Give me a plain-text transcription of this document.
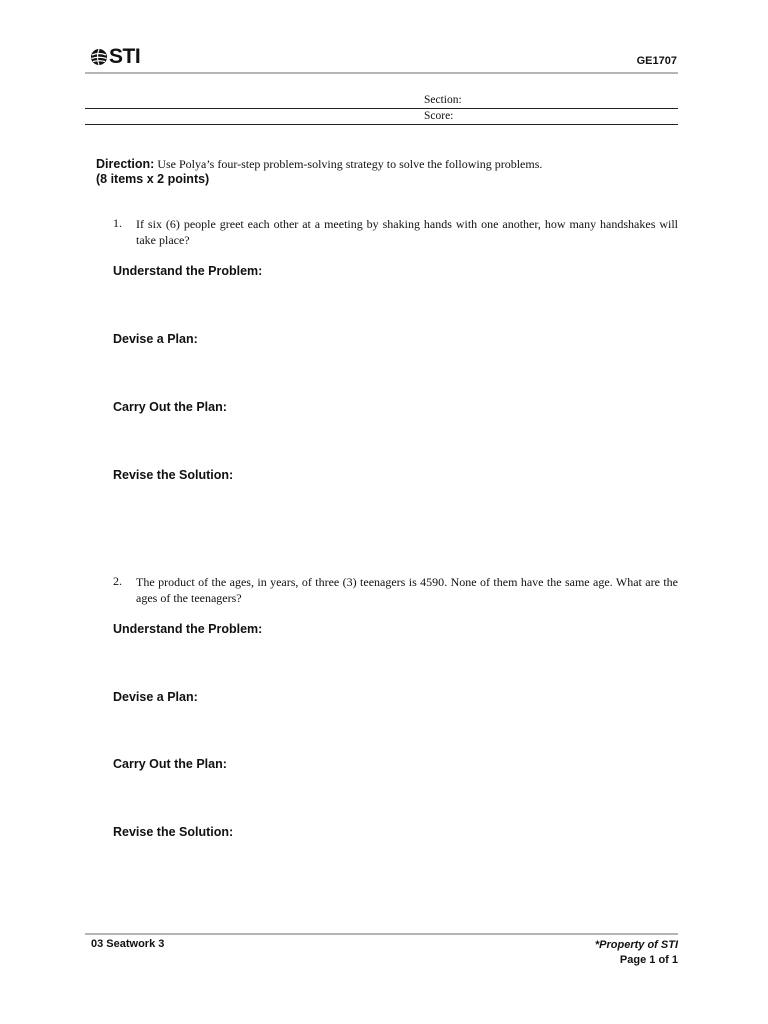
STI	GE1707
Section:
Score:
Direction: Use Polya’s four-step problem-solving strategy to solve the following problems.
(8 items x 2 points)
1. If six (6) people greet each other at a meeting by shaking hands with one another, how many handshakes will take place?
Understand the Problem:
Devise a Plan:
Carry Out the Plan:
Revise the Solution:
2. The product of the ages, in years, of three (3) teenagers is 4590. None of them have the same age. What are the ages of the teenagers?
Understand the Problem:
Devise a Plan:
Carry Out the Plan:
Revise the Solution:
03 Seatwork 3	*Property of STI
Page 1 of 1
